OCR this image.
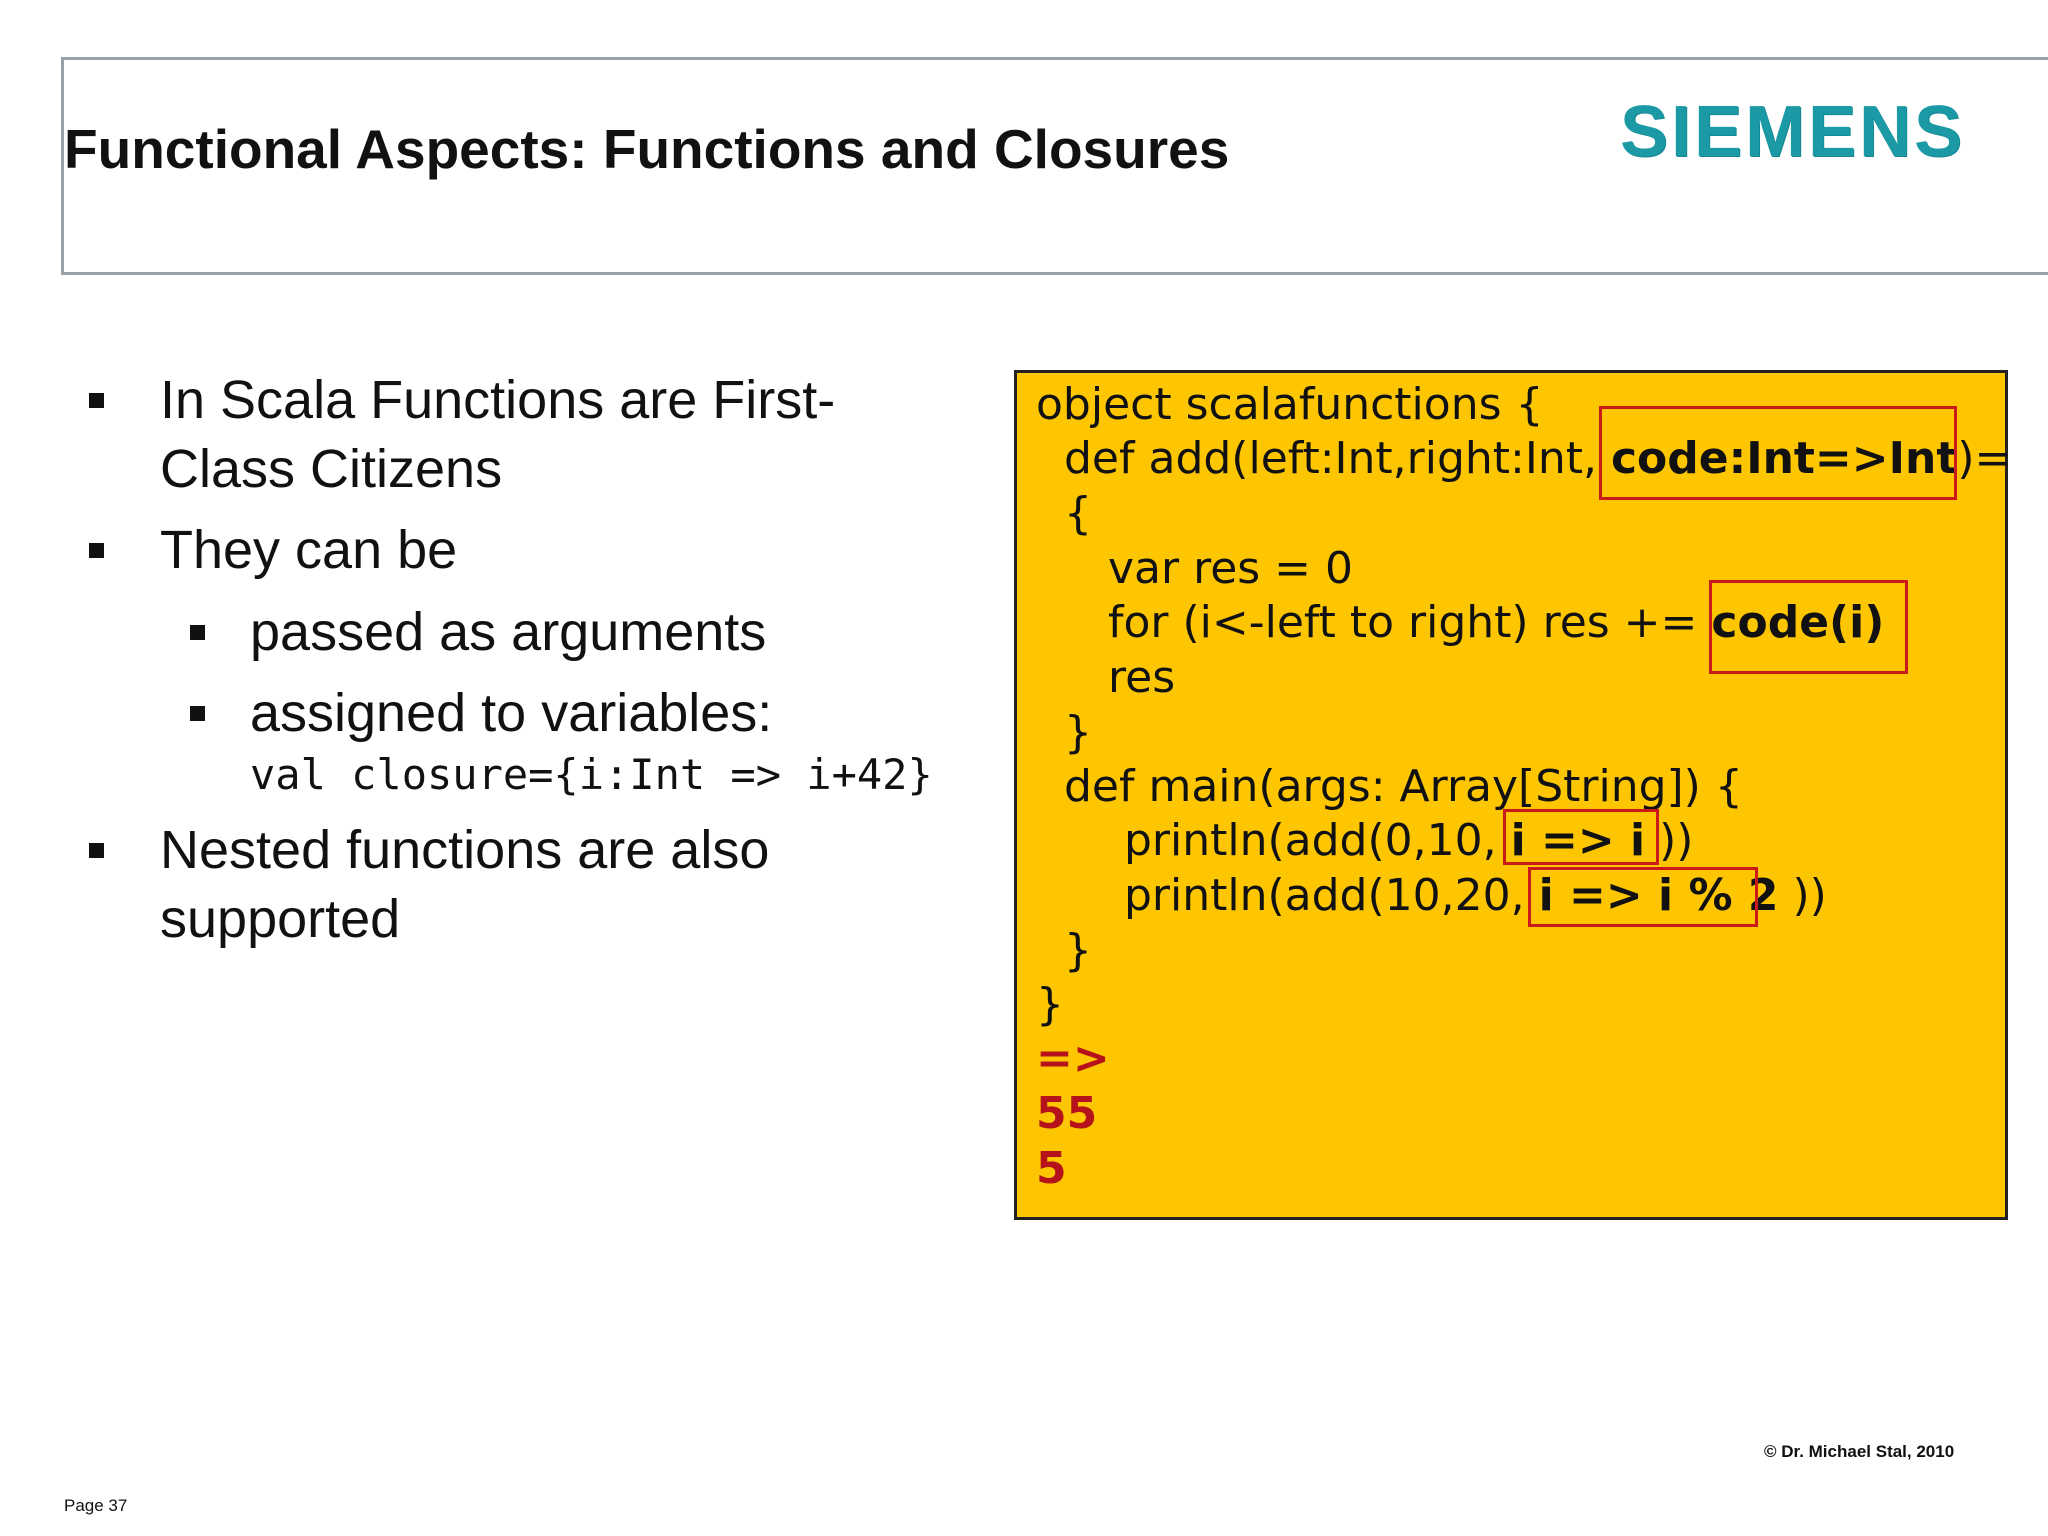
Functional Aspects: Functions and Closures	SIEMENS
In Scala Functions are First-
Class Citizens
They can be
passed as arguments
assigned to variables:
val closure={i:Int => i+42}
Nested functions are also
supported
object scalafunctions {
def add(left:Int,right:Int, code:Int=>Int)=
{
var res = 0
for (i<-left to right) res += code(i)
res
}
def main(args: Array[String]) {
println(add(0,10, i => i ))
println(add(10,20, i => i % 2 ))
}
}
=>
55
5
© Dr. Michael Stal, 2010
Page 37
